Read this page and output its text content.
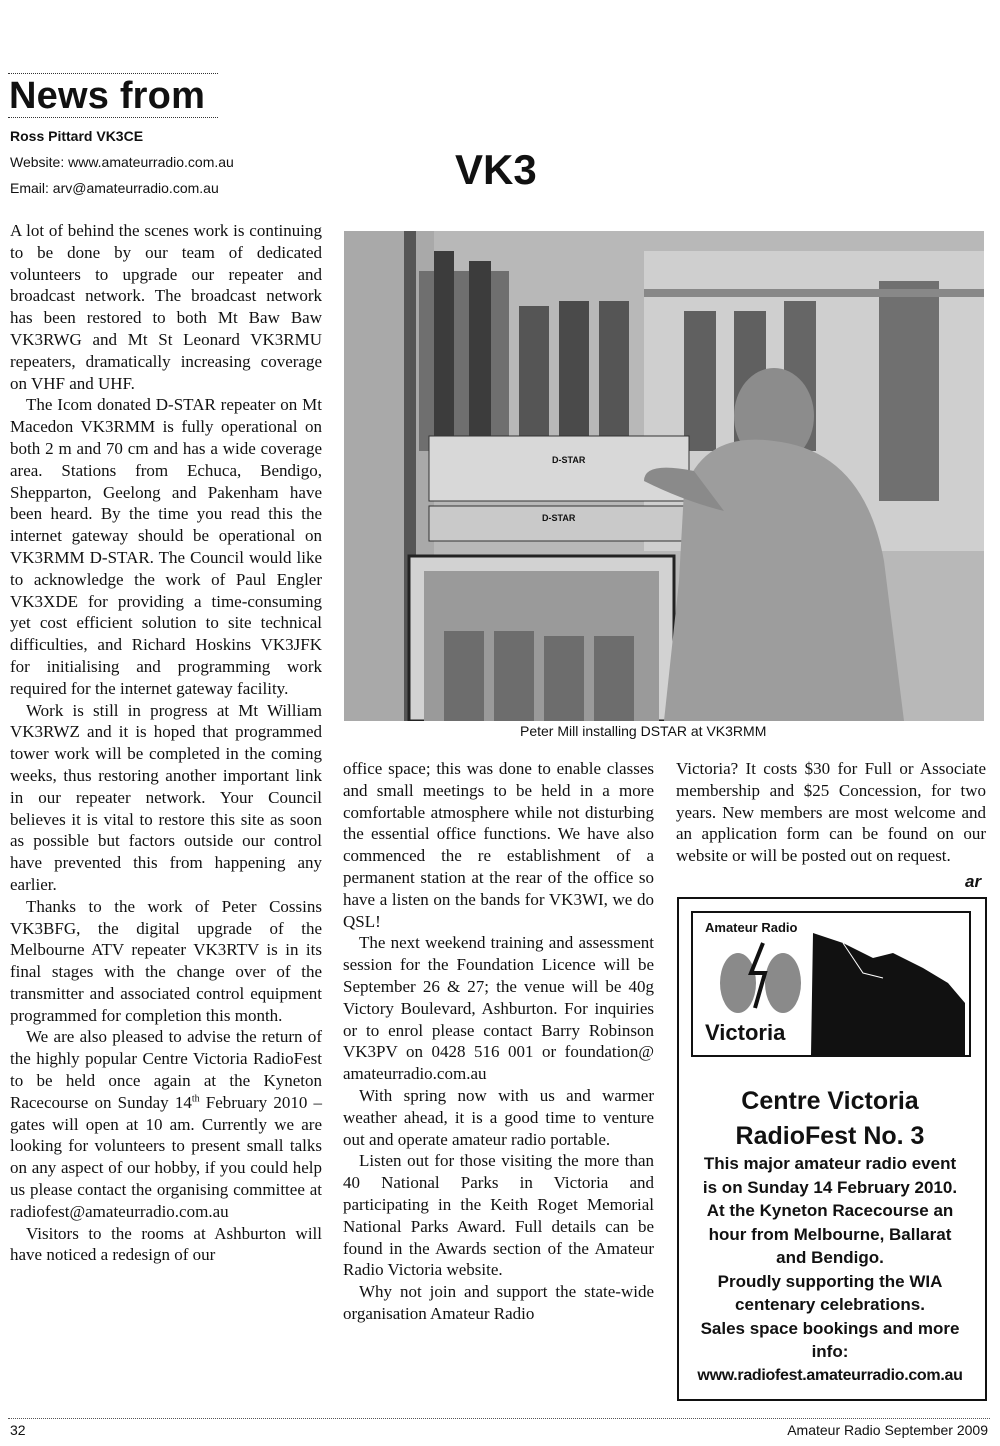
News from
Ross Pittard VK3CE
Website: www.amateurradio.com.au
Email: arv@amateurradio.com.au	VK3

A lot of behind the scenes work is continuing to be done by our team of dedicated volunteers to upgrade our repeater and broadcast network. The broadcast network has been restored to both Mt Baw Baw VK3RWG and Mt St Leonard VK3RMU repeaters, dramatically increasing coverage on VHF and UHF.

The Icom donated D-STAR repeater on Mt Macedon VK3RMM is fully operational on both 2 m and 70 cm and has a wide coverage area. Stations from Echuca, Bendigo, Shepparton, Geelong and Pakenham have been heard. By the time you read this the internet gateway should be operational on VK3RMM D-STAR. The Council would like to acknowledge the work of Paul Engler VK3XDE for providing a time-consuming yet cost efficient solution to site technical difficulties, and Richard Hoskins VK3JFK for initialising and programming work required for the internet gateway facility.

Work is still in progress at Mt William VK3RWZ and it is hoped that programmed tower work will be completed in the coming weeks, thus restoring another important link in our repeater network. Your Council believes it is vital to restore this site as soon as possible but factors outside our control have prevented this from happening any earlier.

Thanks to the work of Peter Cossins VK3BFG, the digital upgrade of the Melbourne ATV repeater VK3RTV is in its final stages with the change over of the transmitter and associated control equipment programmed for completion this month.

We are also pleased to advise the return of the highly popular Centre Victoria RadioFest to be held once again at the Kyneton Racecourse on Sunday 14th February 2010 – gates will open at 10 am. Currently we are looking for volunteers to present small talks on any aspect of our hobby, if you could help us please contact the organising committee at radiofest@amateurradio.com.au

Visitors to the rooms at Ashburton will have noticed a redesign of our

D-STAR
D-STAR
Peter Mill installing DSTAR at VK3RMM

office space; this was done to enable classes and small meetings to be held in a more comfortable atmosphere while not disturbing the essential office functions. We have also commenced the re establishment of a permanent station at the rear of the office so have a listen on the bands for VK3WI, we do QSL!

The next weekend training and assessment session for the Foundation Licence will be September 26 & 27; the venue will be 40g Victory Boulevard, Ashburton. For inquiries or to enrol please contact Barry Robinson VK3PV on 0428 516 001 or foundation@ amateurradio.com.au

With spring now with us and warmer weather ahead, it is a good time to venture out and operate amateur radio portable.

Listen out for those visiting the more than 40 National Parks in Victoria and participating in the Keith Roget Memorial National Parks Award. Full details can be found in the Awards section of the Amateur Radio Victoria website.

Why not join and support the state-wide organisation Amateur Radio

Victoria? It costs $30 for Full or Associate membership and $25 Concession, for two years. New members are most welcome and an application form can be found on our website or will be posted out on request.

ar
Amateur Radio
Victoria
Centre Victoria
RadioFest No. 3
This major amateur radio event
is on Sunday 14 February 2010.
At the Kyneton Racecourse an
hour from Melbourne, Ballarat
and Bendigo.
Proudly supporting the WIA
centenary celebrations.
Sales space bookings and more
info:
www.radiofest.amateurradio.com.au
32	Amateur Radio September 2009
